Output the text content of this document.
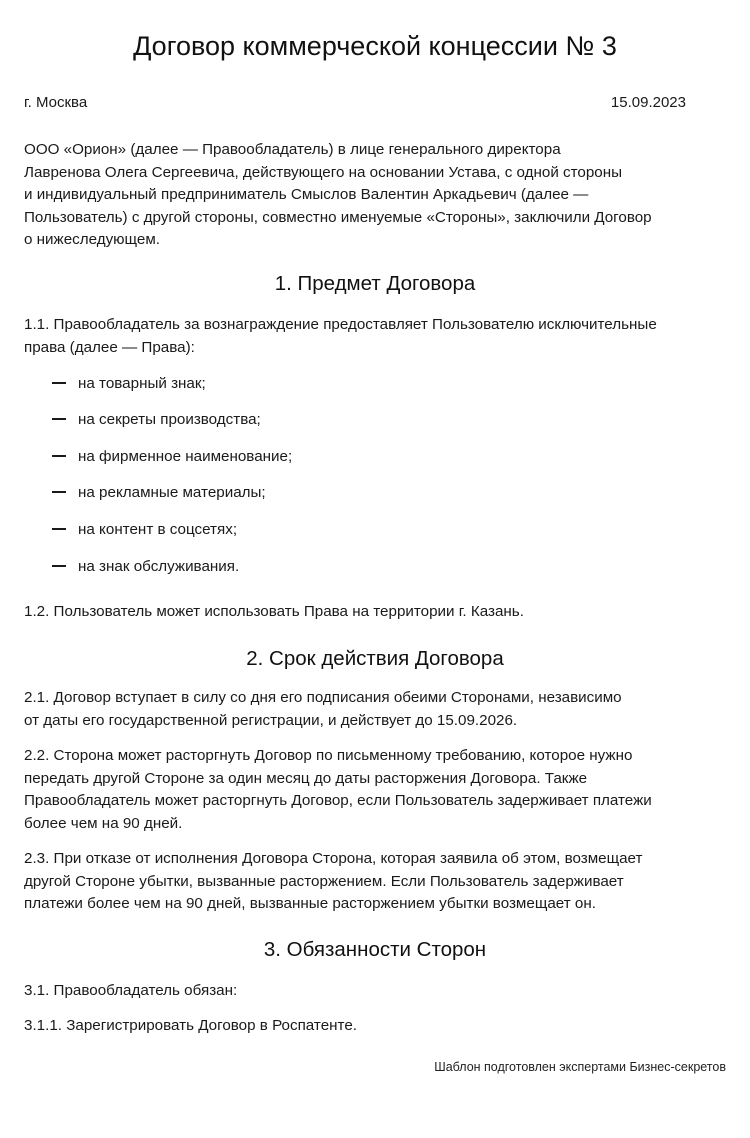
Договор коммерческой концессии № 3
г. Москва	15.09.2023

ООО «Орион» (далее — Правообладатель) в лице генерального директора

Лавренова Олега Сергеевича, действующего на основании Устава, с одной стороны

и индивидуальный предприниматель Смыслов Валентин Аркадьевич (далее —

Пользователь) с другой стороны, совместно именуемые «Стороны», заключили Договор

о нижеследующем.

1. Предмет Договора

1.1. Правообладатель за вознаграждение предоставляет Пользователю исключительные

права (далее — Права):

на товарный знак;
на секреты производства;
на фирменное наименование;
на рекламные материалы;
на контент в соцсетях;
на знак обслуживания.

1.2. Пользователь может использовать Права на территории г. Казань.

2. Срок действия Договора

2.1. Договор вступает в силу со дня его подписания обеими Сторонами, независимо

от даты его государственной регистрации, и действует до 15.09.2026.

2.2. Сторона может расторгнуть Договор по письменному требованию, которое нужно

передать другой Стороне за один месяц до даты расторжения Договора. Также

Правообладатель может расторгнуть Договор, если Пользователь задерживает платежи

более чем на 90 дней.

2.3. При отказе от исполнения Договора Сторона, которая заявила об этом, возмещает

другой Стороне убытки, вызванные расторжением. Если Пользователь задерживает

платежи более чем на 90 дней, вызванные расторжением убытки возмещает он.

3. Обязанности Сторон

3.1. Правообладатель обязан:

3.1.1. Зарегистрировать Договор в Роспатенте.

Шаблон подготовлен экспертами Бизнес-секретов
